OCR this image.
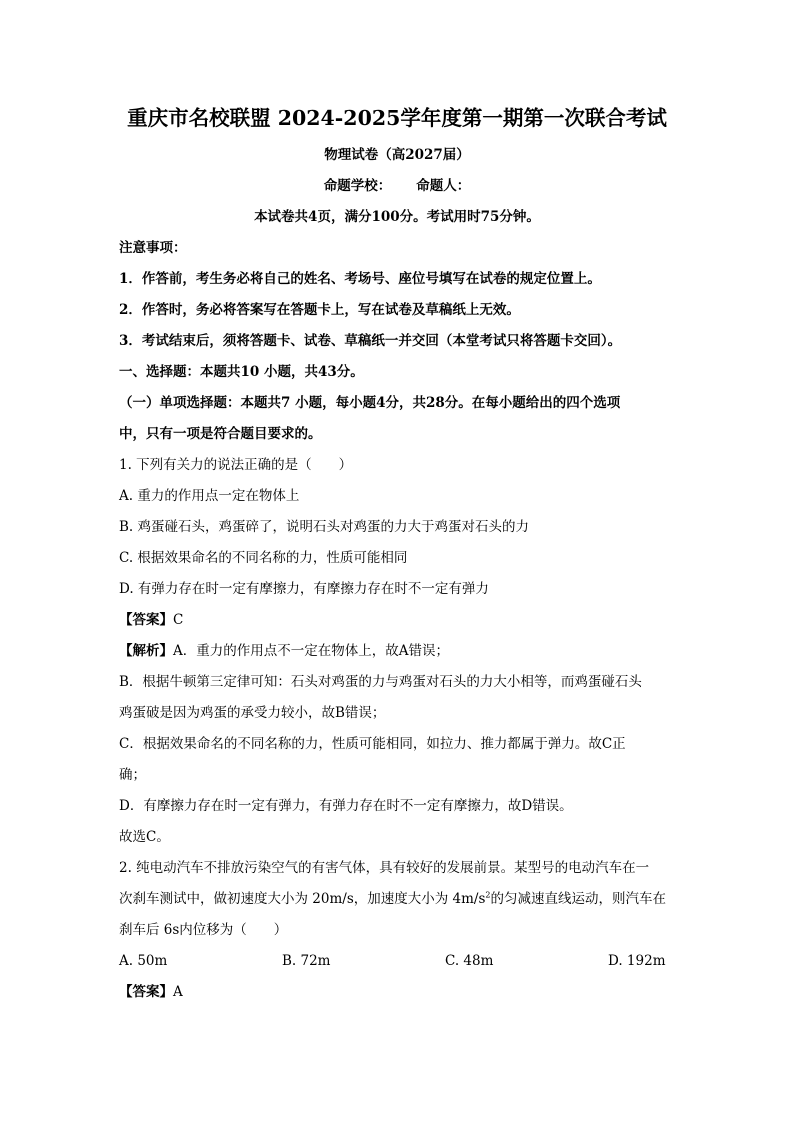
重庆市名校联盟 2024-2025学年度第一期第一次联合考试
物理试卷（高2027届）
命题学校：　　 命题人：
本试卷共4页，满分100分。考试用时75分钟。
注意事项：
1．作答前，考生务必将自己的姓名、考场号、座位号填写在试卷的规定位置上。
2．作答时，务必将答案写在答题卡上，写在试卷及草稿纸上无效。
3．考试结束后，须将答题卡、试卷、草稿纸一并交回（本堂考试只将答题卡交回）。
一、选择题：本题共10 小题，共43分。
（一）单项选择题：本题共7 小题，每小题4分，共28分。在每小题给出的四个选项
中，只有一项是符合题目要求的。
1. 下列有关力的说法正确的是（　　）
A. 重力的作用点一定在物体上
B. 鸡蛋碰石头，鸡蛋碎了，说明石头对鸡蛋的力大于鸡蛋对石头的力
C. 根据效果命名的不同名称的力，性质可能相同
D. 有弹力存在时一定有摩擦力，有摩擦力存在时不一定有弹力
【答案】C
【解析】A．重力的作用点不一定在物体上，故A错误；
B．根据牛顿第三定律可知：石头对鸡蛋的力与鸡蛋对石头的力大小相等，而鸡蛋碰石头
鸡蛋破是因为鸡蛋的承受力较小，故B错误；
C．根据效果命名的不同名称的力，性质可能相同，如拉力、推力都属于弹力。故C正
确；
D．有摩擦力存在时一定有弹力，有弹力存在时不一定有摩擦力，故D错误。
故选C。
2. 纯电动汽车不排放污染空气的有害气体，具有较好的发展前景。某型号的电动汽车在一
次刹车测试中，做初速度大小为 20m/s，加速度大小为 $4m/s^2$的匀减速直线运动，则汽车在
刹车后 6s内位移为（　　）
A. 50m	B. 72m	C. 48m	D. 192m
【答案】A
